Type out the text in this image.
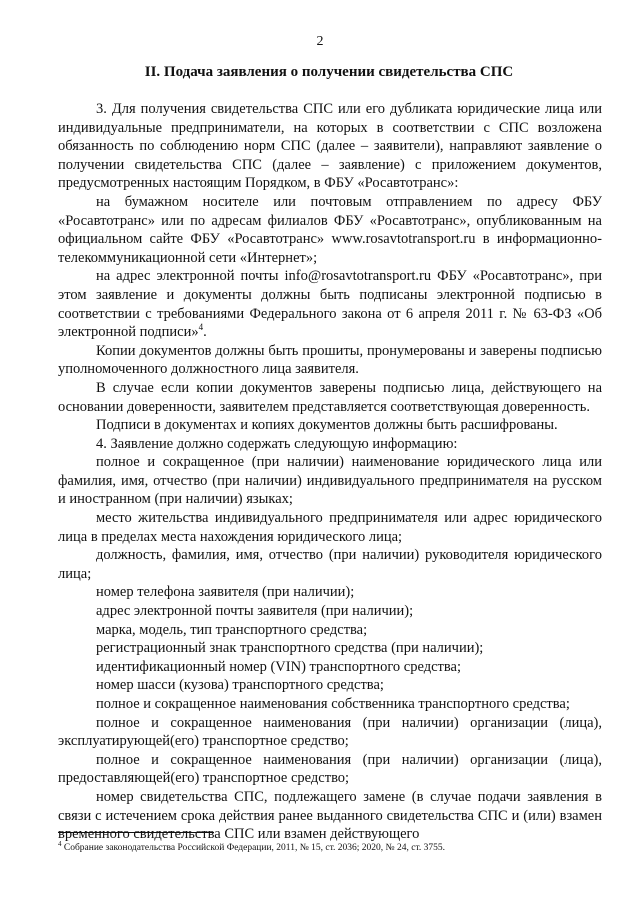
2
II. Подача заявления о получении свидетельства СПС

3. Для получения свидетельства СПС или его дубликата юридические лица или индивидуальные предприниматели, на которых в соответствии с СПС возложена обязанность по соблюдению норм СПС (далее – заявители), направляют заявление о получении свидетельства СПС (далее – заявление) с приложением документов, предусмотренных настоящим Порядком, в ФБУ «Росавтотранс»:

на бумажном носителе или почтовым отправлением по адресу ФБУ «Росавтотранс» или по адресам филиалов ФБУ «Росавтотранс», опубликованным на официальном сайте ФБУ «Росавтотранс» www.rosavtotransport.ru в информационно-телекоммуникационной сети «Интернет»;

на адрес электронной почты info@rosavtotransport.ru ФБУ «Росавтотранс», при этом заявление и документы должны быть подписаны электронной подписью в соответствии с требованиями Федерального закона от 6 апреля 2011 г. № 63-ФЗ «Об электронной подписи»$^4$.

Копии документов должны быть прошиты, пронумерованы и заверены подписью уполномоченного должностного лица заявителя.

В случае если копии документов заверены подписью лица, действующего на основании доверенности, заявителем представляется соответствующая доверенность.

Подписи в документах и копиях документов должны быть расшифрованы.

4. Заявление должно содержать следующую информацию:

полное и сокращенное (при наличии) наименование юридического лица или фамилия, имя, отчество (при наличии) индивидуального предпринимателя на русском и иностранном (при наличии) языках;

место жительства индивидуального предпринимателя или адрес юридического лица в пределах места нахождения юридического лица;

должность, фамилия, имя, отчество (при наличии) руководителя юридического лица;

номер телефона заявителя (при наличии);

адрес электронной почты заявителя (при наличии);

марка, модель, тип транспортного средства;

регистрационный знак транспортного средства (при наличии);

идентификационный номер (VIN) транспортного средства;

номер шасси (кузова) транспортного средства;

полное и сокращенное наименования собственника транспортного средства;

полное и сокращенное наименования (при наличии) организации (лица), эксплуатирующей(его) транспортное средство;

полное и сокращенное наименования (при наличии) организации (лица), предоставляющей(его) транспортное средство;

номер свидетельства СПС, подлежащего замене (в случае подачи заявления в связи с истечением срока действия ранее выданного свидетельства СПС и (или) взамен временного свидетельства СПС или взамен действующего

$^4$ Собрание законодательства Российской Федерации, 2011, № 15, ст. 2036; 2020, № 24, ст. 3755.
